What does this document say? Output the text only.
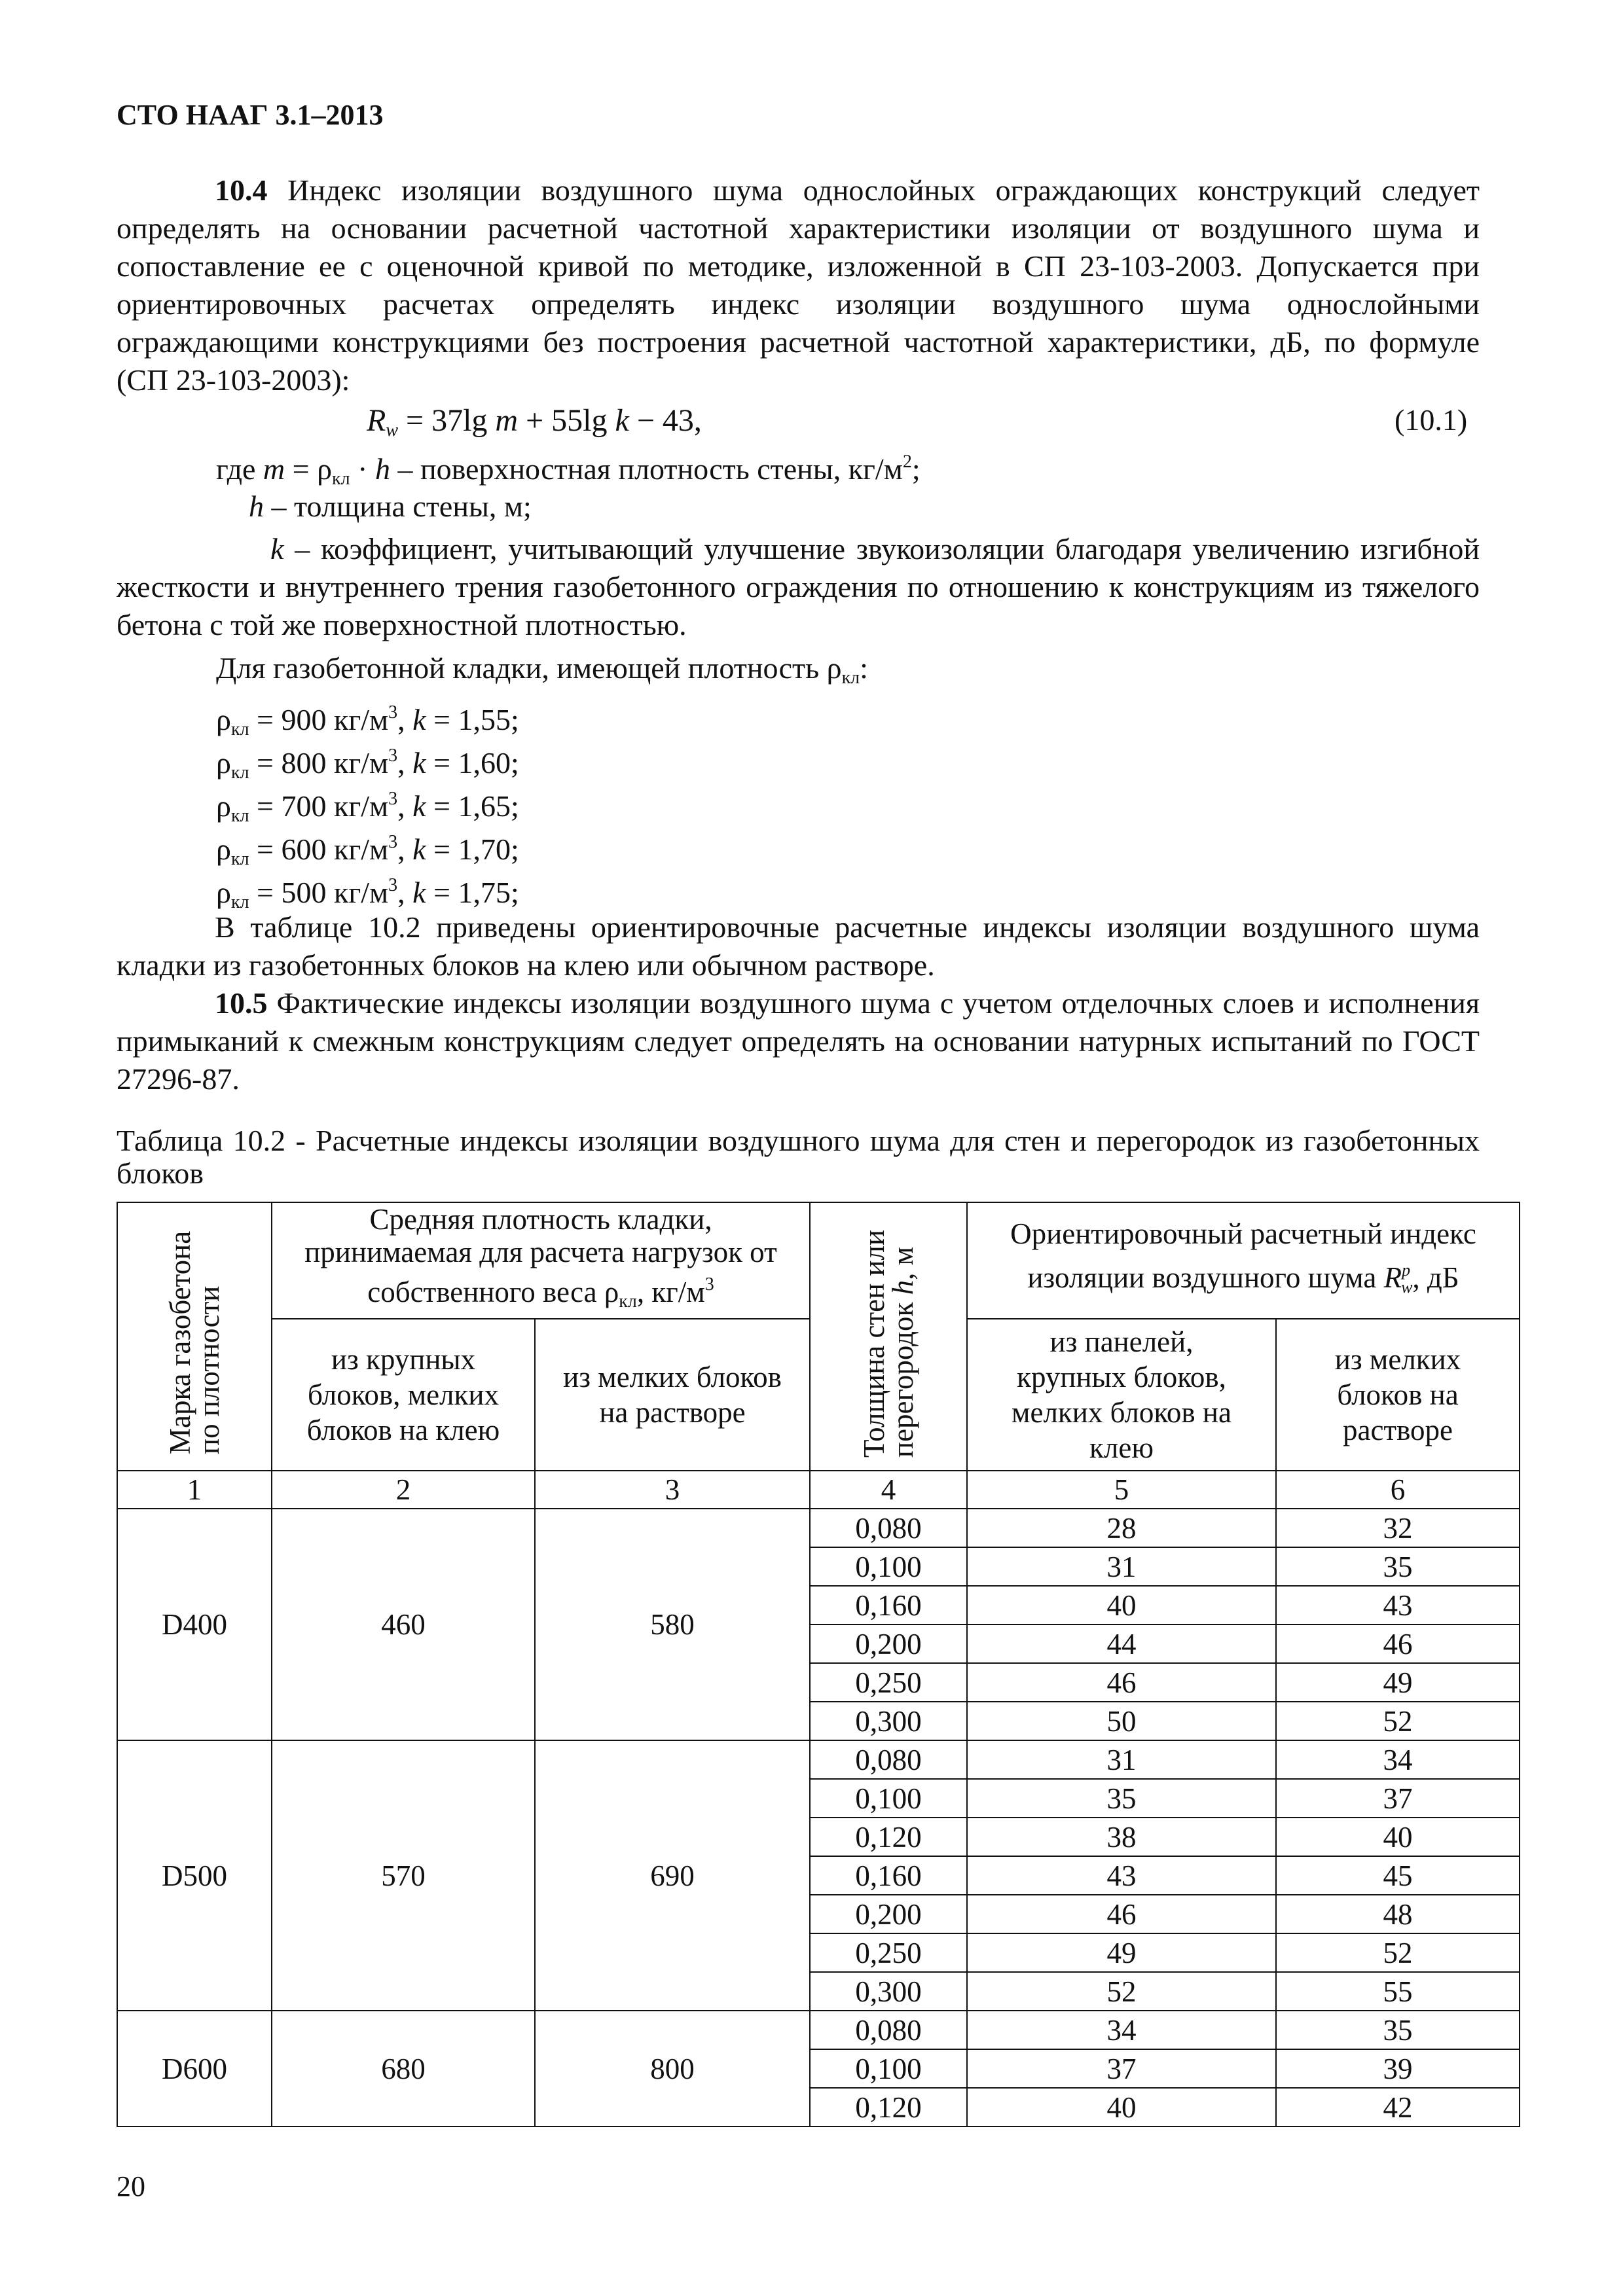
СТО НААГ 3.1–2013
10.4 Индекс изоляции воздушного шума однослойных ограждающих конструкций следует определять на основании расчетной частотной характеристики изоляции от воздушного шума и сопоставление ее с оценочной кривой по методике, изложенной в СП 23-103-2003. Допускается при ориентировочных расчетах определять индекс изоляции воздушного шума однослойными ограждающими конструкциями без построения расчетной частотной характеристики, дБ, по формуле (СП 23-103-2003):
$R_w = 37\lg$ m + 55lg k − 43,	(10.1)
где $m = \rho_{кл} \cdot h$ – поверхностная плотность стены, $кг/м^2$;
h – толщина стены, м;
k – коэффициент, учитывающий улучшение звукоизоляции благодаря увеличению изгибной жесткости и внутреннего трения газобетонного ограждения по отношению к конструкциям из тяжелого бетона с той же поверхностной плотностью.
Для газобетонной кладки, имеющей плотность $\rho_{кл}$:
$\rho_{кл} = 900$ $кг/м^3$, k = 1,55;
$\rho_{кл} = 800$ $кг/м^3$, k = 1,60;
$\rho_{кл} = 700$ $кг/м^3$, k = 1,65;
$\rho_{кл} = 600$ $кг/м^3$, k = 1,70;
$\rho_{кл} = 500$ $кг/м^3$, k = 1,75;
В таблице 10.2 приведены ориентировочные расчетные индексы изоляции воздушного шума кладки из газобетонных блоков на клею или обычном растворе.
10.5 Фактические индексы изоляции воздушного шума с учетом отделочных слоев и исполнения примыканий к смежным конструкциям следует определять на основании натурных испытаний по ГОСТ 27296-87.
Таблица 10.2 - Расчетные индексы изоляции воздушного шума для стен и перегородок из газобетонных блоков
Марка газобетона по плотности	Средняя плотность кладки, принимаемая для расчета нагрузок от собственного веса $\rho_{кл}$, $кг/м^3$		Толщина стен или перегородок h, м	Ориентировочный расчетный индекс изоляции воздушного шума $R^p_w$, дБ	
	из крупных блоков, мелких блоков на клею	из мелких блоков на растворе		из панелей, крупных блоков, мелких блоков на клею	из мелких блоков на растворе
1	2	3	4	5	6
D400	460	580	0,080	28	32
			0,100	31	35
			0,160	40	43
			0,200	44	46
			0,250	46	49
			0,300	50	52
D500	570	690	0,080	31	34
			0,100	35	37
			0,120	38	40
			0,160	43	45
			0,200	46	48
			0,250	49	52
			0,300	52	55
D600	680	800	0,080	34	35
			0,100	37	39
			0,120	40	42
20
